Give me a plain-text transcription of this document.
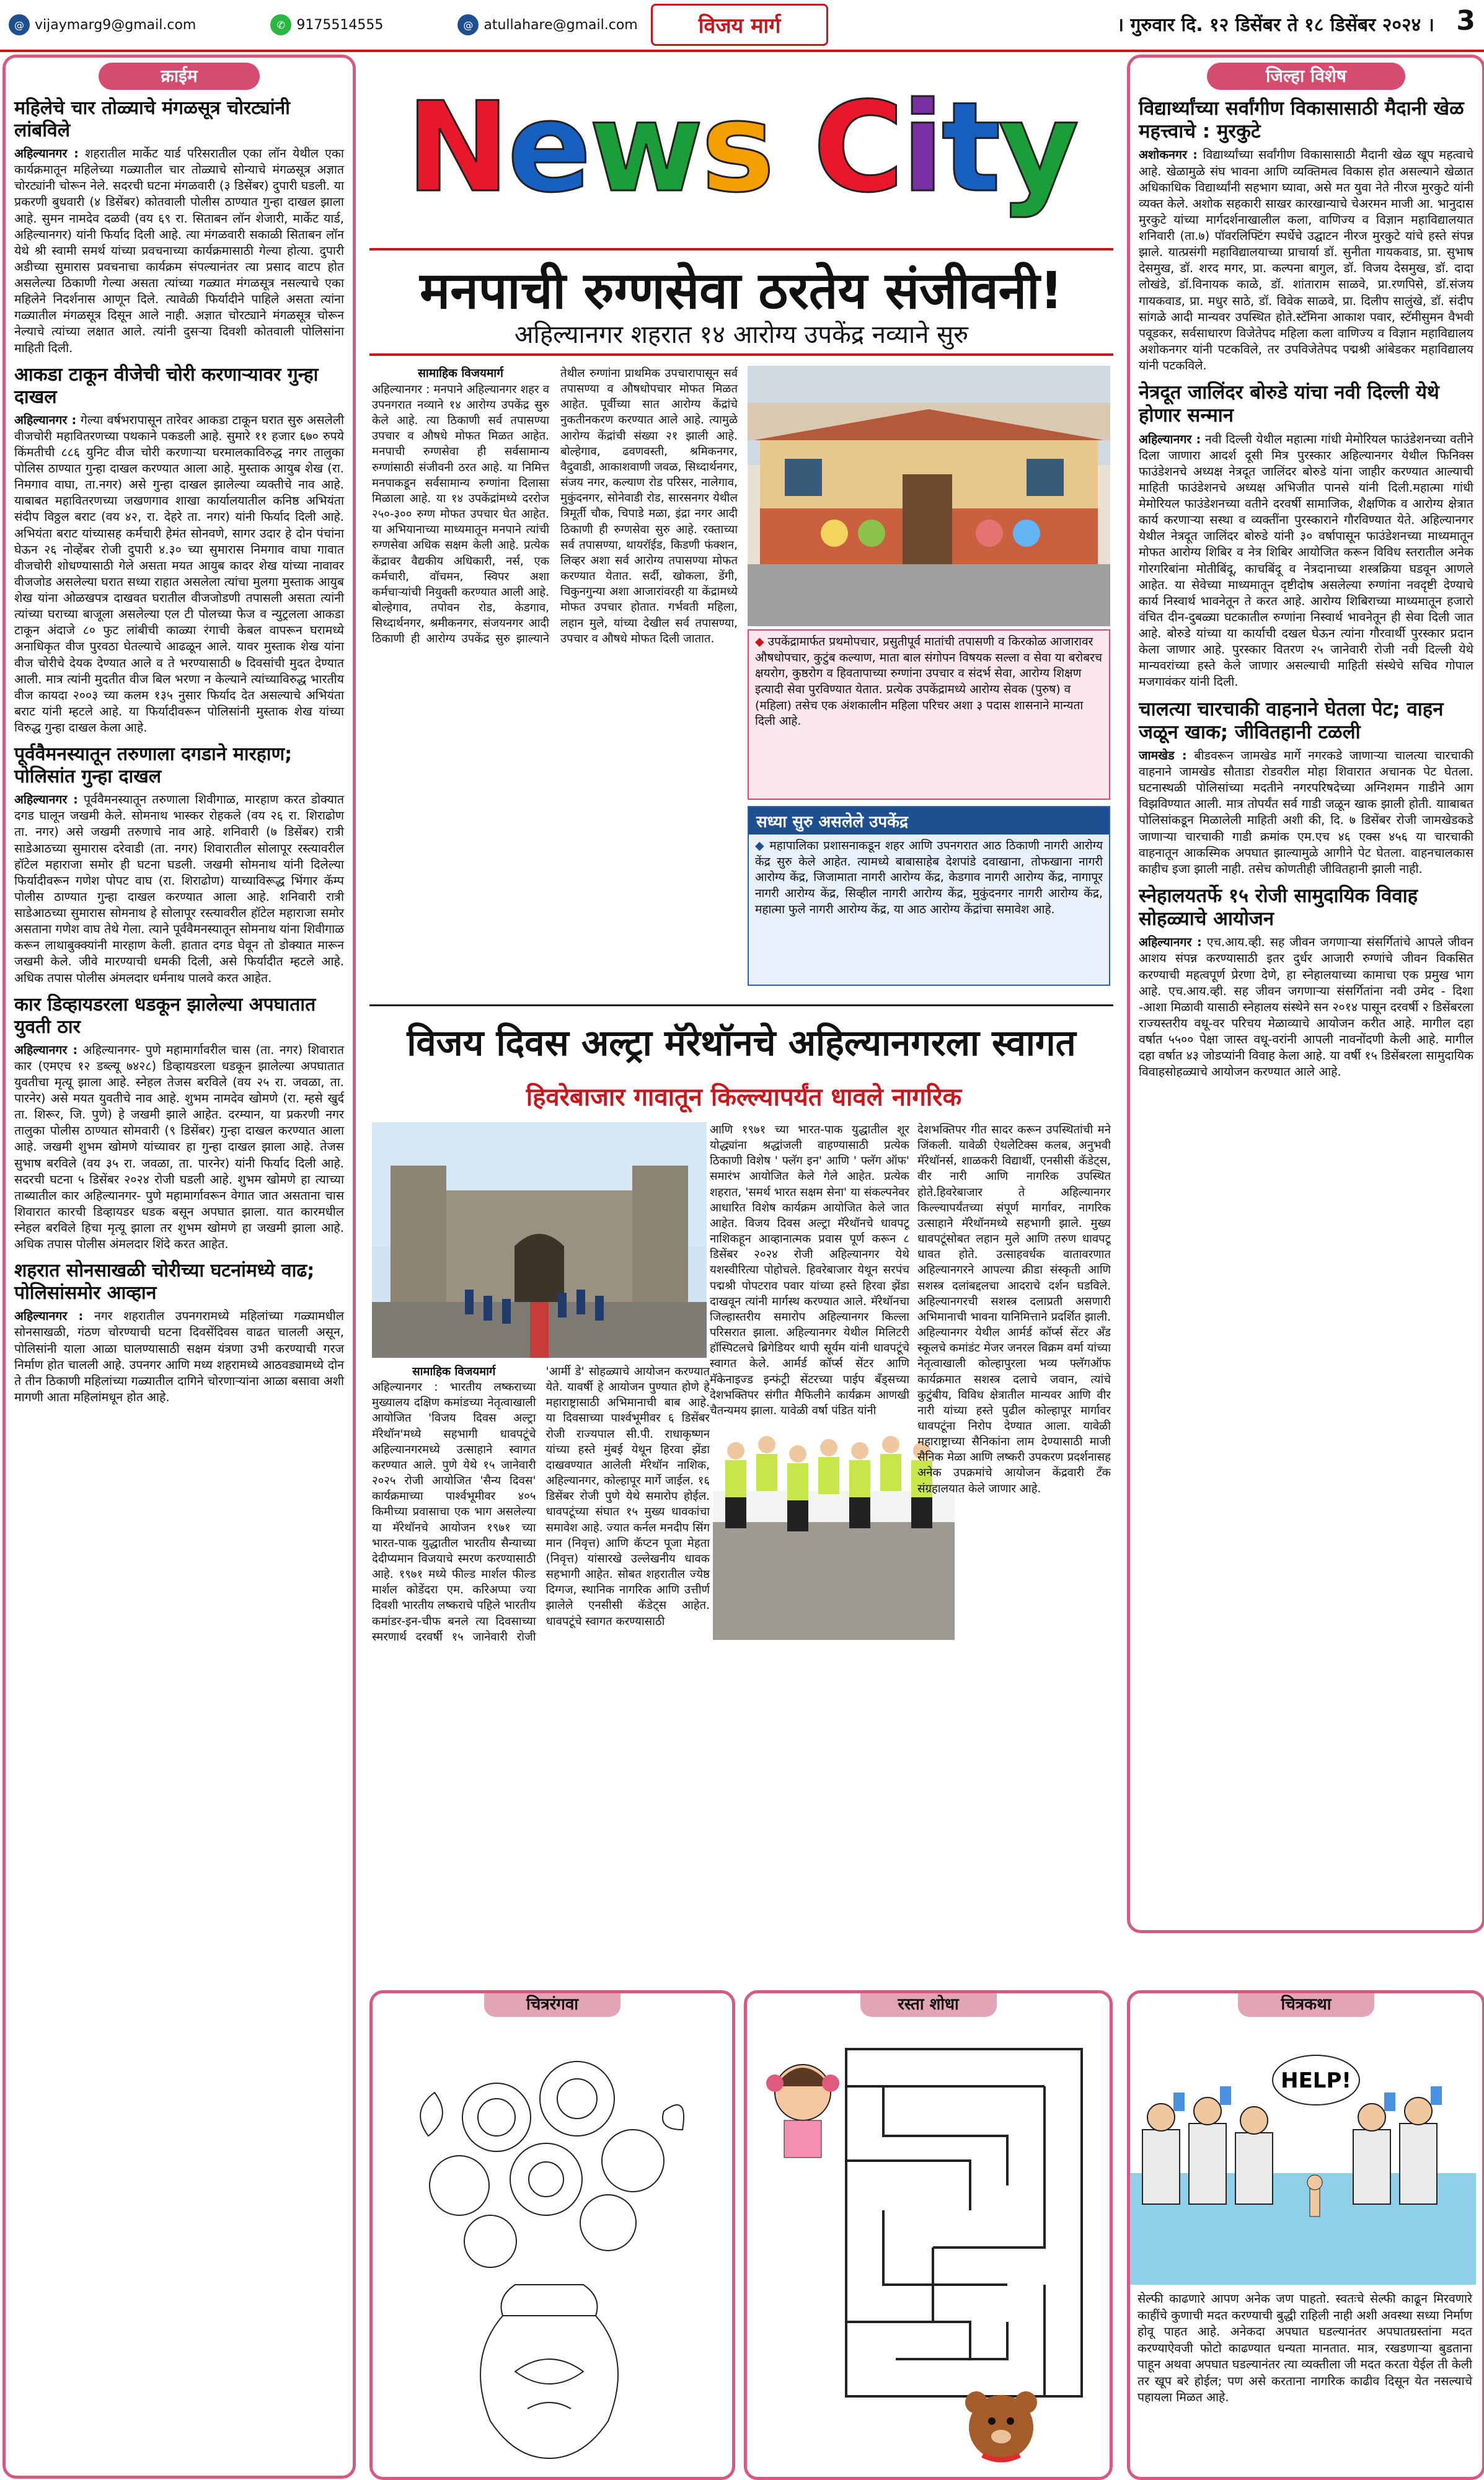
@ vijaymarg9@gmail.com	✆ 9175514555	@ atullahare@gmail.com	विजय मार्ग	। गुरुवार दि. १२ डिसेंबर ते १८ डिसेंबर २०२४ । 3
क्राईम
महिलेचे चार तोळ्याचे मंगळसूत्र चोरट्यांनी लांबविले
अहिल्यानगर : शहरातील मार्केट यार्ड परिसरातील एका लॉन येथील एका कार्यक्रमातून महिलेच्या गळ्यातील चार तोळ्याचे सोन्याचे मंगळसूत्र अज्ञात चोरट्यांनी चोरून नेले. सदरची घटना मंगळवारी (३ डिसेंबर) दुपारी घडली. या प्रकरणी बुधवारी (४ डिसेंबर) कोतवाली पोलीस ठाण्यात गुन्हा दाखल झाला आहे. सुमन नामदेव दळवी (वय ६९ रा. सिताबन लॉन शेजारी, मार्केट यार्ड, अहिल्यानगर) यांनी फिर्याद दिली आहे. त्या मंगळवारी सकाळी सिताबन लॉन येथे श्री स्वामी समर्थ यांच्या प्रवचनाच्या कार्यक्रमासाठी गेल्या होत्या. दुपारी अडीच्या सुमारास प्रवचनाचा कार्यक्रम संपल्यानंतर त्या प्रसाद वाटप होत असलेल्या ठिकाणी गेल्या असता त्यांच्या गळ्यात मंगळसूत्र नसल्याचे एका महिलेने निदर्शनास आणून दिले. त्यावेळी फिर्यादीने पाहिले असता त्यांना गळ्यातील मंगळसूत्र दिसून आले नाही. अज्ञात चोरट्याने मंगळसूत्र चोरून नेल्याचे त्यांच्या लक्षात आले. त्यांनी दुसऱ्या दिवशी कोतवाली पोलिसांना माहिती दिली.
आकडा टाकून वीजेची चोरी करणाऱ्यावर गुन्हा दाखल
अहिल्यानगर : गेल्या वर्षभरापासून तारेवर आकडा टाकून घरात सुरु असलेली वीजचोरी महावितरणच्या पथकाने पकडली आहे. सुमारे ११ हजार ६७० रुपये किंमतीची ८८६ युनिट वीज चोरी करणाऱ्या घरमालकाविरुद्ध नगर तालुका पोलिस ठाण्यात गुन्हा दाखल करण्यात आला आहे. मुस्ताक आयुब शेख (रा. निमगाव वाघा, ता.नगर) असे गुन्हा दाखल झालेल्या व्यक्तीचे नाव आहे. याबाबत महावितरणच्या जखणगाव शाखा कार्यालयातील कनिष्ठ अभियंता संदीप विठ्ठल बराट (वय ४२, रा. देहरे ता. नगर) यांनी फिर्याद दिली आहे. अभियंता बराट यांच्यासह कर्मचारी हेमंत सोनवणे, सागर उदार हे दोन पंचांना घेऊन २६ नोव्हेंबर रोजी दुपारी ४.३० च्या सुमारास निमगाव वाघा गावात वीजचोरी शोधण्यासाठी गेले असता मयत आयुब कादर शेख यांच्या नावावर वीजजोड असलेल्या घरात सध्या राहात असलेला त्यांचा मुलगा मुस्ताक आयुब शेख यांना ओळखपत्र दाखवत घरातील वीजजोडणी तपासली असता त्यांनी त्यांच्या घराच्या बाजूला असलेल्या एल टी पोलच्या फेज व न्युट्रलला आकडा टाकून अंदाजे ८० फुट लांबीची काळ्या रंगाची केबल वापरून घरामध्ये अनाधिकृत वीज पुरवठा घेतल्याचे आढळून आले. यावर मुस्ताक शेख यांना वीज चोरीचे देयक देण्यात आले व ते भरण्यासाठी ७ दिवसांची मुदत देण्यात आली. मात्र त्यांनी मुदतीत वीज बिल भरणा न केल्याने त्यांच्याविरुद्ध भारतीय वीज कायदा २००३ च्या कलम १३५ नुसार फिर्याद देत असल्याचे अभियंता बराट यांनी म्हटले आहे. या फिर्यादीवरून पोलिसांनी मुस्ताक शेख यांच्या विरुद्ध गुन्हा दाखल केला आहे.
पूर्ववैमनस्यातून तरुणाला दगडाने मारहाण; पोलिसांत गुन्हा दाखल
अहिल्यानगर : पूर्ववैमनस्यातून तरुणाला शिवीगाळ, मारहाण करत डोक्यात दगड घालून जखमी केले. सोमनाथ भास्कर रोहकले (वय २६ रा. शिराढोण ता. नगर) असे जखमी तरुणाचे नाव आहे. शनिवारी (७ डिसेंबर) रात्री साडेआठच्या सुमारास दरेवाडी (ता. नगर) शिवारातील सोलापूर रस्त्यावरील हॉटेल महाराजा समोर ही घटना घडली. जखमी सोमनाथ यांनी दिलेल्या फिर्यादीवरून गणेश पोपट वाघ (रा. शिराढोण) याच्याविरूद्ध भिंगार कॅम्प पोलीस ठाण्यात गुन्हा दाखल करण्यात आला आहे. शनिवारी रात्री साडेआठच्या सुमारास सोमनाथ हे सोलापूर रस्त्यावरील हॉटेल महाराजा समोर असताना गणेश वाघ तेथे गेला. त्याने पूर्ववैमनस्यातून सोमनाथ यांना शिवीगाळ करून लाथाबुक्क्यांनी मारहाण केली. हातात दगड घेवून तो डोक्यात मारून जखमी केले. जीवे मारण्याची धमकी दिली, असे फिर्यादीत म्हटले आहे. अधिक तपास पोलीस अंमलदार धर्मनाथ पालवे करत आहेत.
कार डिव्हायडरला धडकून झालेल्या अपघातात युवती ठार
अहिल्यानगर : अहिल्यानगर- पुणे महामार्गावरील चास (ता. नगर) शिवारात कार (एमएच १२ डब्ल्यू ७४२८) डिव्हायडरला धडकून झालेल्या अपघातात युवतीचा मृत्यू झाला आहे. स्नेहल तेजस बरविले (वय २५ रा. जवळा, ता. पारनेर) असे मयत युवतीचे नाव आहे. शुभम नामदेव खोमणे (रा. म्हसे खुर्द ता. शिरूर, जि. पुणे) हे जखमी झाले आहेत. दरम्यान, या प्रकरणी नगर तालुका पोलीस ठाण्यात सोमवारी (९ डिसेंबर) गुन्हा दाखल करण्यात आला आहे. जखमी शुभम खोमणे यांच्यावर हा गुन्हा दाखल झाला आहे. तेजस सुभाष बरविले (वय ३५ रा. जवळा, ता. पारनेर) यांनी फिर्याद दिली आहे. सदरची घटना ५ डिसेंबर २०२४ रोजी घडली आहे. शुभम खोमणे हा त्याच्या ताब्यातील कार अहिल्यानगर- पुणे महामार्गावरून वेगात जात असताना चास शिवारात कारची डिव्हायडर धडक बसून अपघात झाला. यात कारमधील स्नेहल बरविले हिचा मृत्यू झाला तर शुभम खोमणे हा जखमी झाला आहे. अधिक तपास पोलीस अंमलदार शिंदे करत आहेत.
शहरात सोनसाखळी चोरीच्या घटनांमध्ये वाढ; पोलिसांसमोर आव्हान
अहिल्यानगर : नगर शहरातील उपनगरामध्ये महिलांच्या गळ्यामधील सोनसाखळी, गंठण चोरण्याची घटना दिवसेंदिवस वाढत चालली असून, पोलिसांनी याला आळा घालण्यासाठी सक्षम यंत्रणा उभी करण्याची गरज निर्माण होत चालली आहे. उपनगर आणि मध्य शहरामध्ये आठवड्यामध्ये दोन ते तीन ठिकाणी महिलांच्या गळ्यातील दागिने चोरणाऱ्यांना आळा बसावा अशी मागणी आता महिलांमधून होत आहे.
News City
मनपाची रुग्णसेवा ठरतेय संजीवनी!
अहिल्यानगर शहरात १४ आरोग्य उपकेंद्र नव्याने सुरु
सामाहिक विजयमार्ग
अहिल्यानगर : मनपाने अहिल्यानगर शहर व उपनगरात नव्याने १४ आरोग्य उपकेंद्र सुरु केले आहे. त्या ठिकाणी सर्व तपासण्या उपचार व औषधे मोफत मिळत आहेत. मनपाची रुग्णसेवा ही सर्वसामान्य रुग्णांसाठी संजीवनी ठरत आहे. या निमित्त मनपाकडून सर्वसामान्य रुग्णांना दिलासा मिळाला आहे. या १४ उपकेंद्रांमध्ये दररोज २५०-३०० रुग्ण मोफत उपचार घेत आहेत. या अभियानाच्या माध्यमातून मनपाने त्यांची रुग्णसेवा अधिक सक्षम केली आहे. प्रत्येक केंद्रावर वैद्यकीय अधिकारी, नर्स, एक कर्मचारी, वॉचमन, स्विपर अशा कर्मचाऱ्यांची नियुक्ती करण्यात आली आहे. बोल्हेगाव, तपोवन रोड, केडगाव, सिध्दार्थनगर, श्रमीकनगर, संजयनगर आदी ठिकाणी ही आरोग्य उपकेंद्र सुरु झाल्याने तेथील रुग्णांना प्राथमिक उपचारापासून सर्व तपासण्या व औषधोपचार मोफत मिळत आहेत. पूर्वीच्या सात आरोग्य केंद्रांचे नुकतीनकरण करण्यात आले आहे. त्यामुळे आरोग्य केंद्रांची संख्या २१ झाली आहे. बोल्हेगाव, ढवणवस्ती, श्रमिकनगर, वैदुवाडी, आकाशवाणी जवळ, सिध्दार्थनगर, संजय नगर, कल्याण रोड परिसर, नालेगाव, मुकुंदनगर, सोनेवाडी रोड, सारसनगर येथील त्रिमूर्ती चौक, चिपाडे मळा, इंद्रा नगर आदी ठिकाणी ही रुग्णसेवा सुरु आहे. रक्ताच्या सर्व तपासण्या, थायरॉईड, किडणी फंक्शन, लिव्हर अशा सर्व आरोग्य तपासण्या मोफत करण्यात येतात. सर्दी, खोकला, डेंगी, चिकुनगुन्या अशा आजारांवरही या केंद्रामध्ये मोफत उपचार होतात. गर्भवती महिला, लहान मुले, यांच्या देखील सर्व तपासण्या, उपचार व औषधे मोफत दिली जातात.	◆ उपकेंद्रामार्फत प्रथमोपचार, प्रसुतीपूर्व मातांची तपासणी व किरकोळ आजारावर औषधोपचार, कुटुंब कल्याण, माता बाल संगोपन विषयक सल्ला व सेवा या बरोबरच क्षयरोग, कुष्ठरोग व हिवतापाच्या रुग्णांना उपचार व संदर्भ सेवा, आरोग्य शिक्षण इत्यादी सेवा पुरविण्यात येतात. प्रत्येक उपकेंद्रामध्ये आरोग्य सेवक (पुरुष) व (महिला) तसेच एक अंशकालीन महिला परिचर अशा ३ पदास शासनाने मान्यता दिली आहे.
सध्या सुरु असलेले उपकेंद्र
◆ महापालिका प्रशासनाकडून शहर आणि उपनगरात आठ ठिकाणी नागरी आरोग्य केंद्र सुरु केले आहेत. त्यामध्ये बाबासाहेब देशपांडे दवाखाना, तोफखाना नागरी आरोग्य केंद्र, जिजामाता नागरी आरोग्य केंद्र, केडगाव नागरी आरोग्य केंद्र, नागापूर नागरी आरोग्य केंद्र, सिव्हील नागरी आरोग्य केंद्र, मुकुंदनगर नागरी आरोग्य केंद्र, महात्मा फुले नागरी आरोग्य केंद्र, या आठ आरोग्य केंद्रांचा समावेश आहे.
विजय दिवस अल्ट्रा मॅरेथॉनचे अहिल्यानगरला स्वागत
हिवरेबाजार गावातून किल्ल्यापर्यंत धावले नागरिक
सामाहिक विजयमार्ग
अहिल्यानगर : भारतीय लष्कराच्या मुख्यालय दक्षिण कमांडच्या नेतृत्वाखाली आयोजित 'विजय दिवस अल्ट्रा मॅरेथॉन'मध्ये सहभागी धावपटूंचे अहिल्यानगरमध्ये उत्साहाने स्वागत करण्यात आले. पुणे येथे १५ जानेवारी २०२५ रोजी आयोजित 'सैन्य दिवस' कार्यक्रमाच्या पार्श्वभूमीवर ४०५ किमीच्या प्रवासाचा एक भाग असलेल्या या मॅरेथॉनचे आयोजन १९७१ च्या भारत-पाक युद्धातील भारतीय सैन्याच्या देदीप्यमान विजयाचे स्मरण करण्यासाठी आहे. १९७१ मध्ये फील्ड मार्शल फील्ड मार्शल कोडेंदरा एम. करिअप्पा ज्या दिवशी भारतीय लष्कराचे पहिले भारतीय कमांडर-इन-चीफ बनले त्या दिवसाच्या स्मरणार्थ दरवर्षी १५ जानेवारी रोजी 'आर्मी डे' सोहळ्याचे आयोजन करण्यात येते. यावर्षी हे आयोजन पुण्यात होणे हे महाराष्ट्रासाठी अभिमानाची बाब आहे. या दिवसाच्या पार्श्वभूमीवर ६ डिसेंबर रोजी राज्यपाल सी.पी. राधाकृष्णन यांच्या हस्ते मुंबई येथून हिरवा झेंडा दाखवण्यात आलेली मॅरेथॉन नाशिक, अहिल्यानगर, कोल्हापूर मार्गे जाईल. १६ डिसेंबर रोजी पुणे येथे समारोप होईल. धावपटूंच्या संघात १५ मुख्य धावकांचा समावेश आहे. ज्यात कर्नल मनदीप सिंग मान (निवृत्त) आणि कॅप्टन पूजा मेहता (निवृत्त) यांसारखे उल्लेखनीय धावक सहभागी आहेत. सोबत शहरातील ज्येष्ठ दिग्गज, स्थानिक नागरिक आणि उत्तीर्ण झालेले एनसीसी कॅडेट्स आहेत. धावपटूंचे स्वागत करण्यासाठी
आणि १९७१ च्या भारत-पाक युद्धातील शूर योद्ध्यांना श्रद्धांजली वाहण्यासाठी प्रत्येक ठिकाणी विशेष ' फ्लॅग इन' आणि ' फ्लॅग ऑफ' समारंभ आयोजित केले गेले आहेत. प्रत्येक शहरात, 'समर्थ भारत सक्षम सेना' या संकल्पनेवर आधारित विशेष कार्यक्रम आयोजित केले जात आहेत. विजय दिवस अल्ट्रा मॅरेथॉनचे धावपटू नाशिकहून आव्हानात्मक प्रवास पूर्ण करून ८ डिसेंबर २०२४ रोजी अहिल्यानगर येथे यशस्वीरित्या पोहोचले. हिवरेबाजार येथून सरपंच पद्मश्री पोपटराव पवार यांच्या हस्ते हिरवा झेंडा दाखवून त्यांनी मार्गस्थ करण्यात आले. मॅरेथॉनचा जिल्हास्तरीय समारोप अहिल्यानगर किल्ला परिसरात झाला. अहिल्यानगर येथील मिलिटरी हॉस्पिटलचे ब्रिगेडियर थापी सूर्यम यांनी धावपटूंचे स्वागत केले. आर्मर्ड कॉर्प्स सेंटर आणि मॅकेनाइज्ड इन्फंट्री सेंटरच्या पाईप बँड्सच्या देशभक्तिपर संगीत मैफिलीने कार्यक्रम आणखी चैतन्यमय झाला. यावेळी वर्षा पंडित यांनी
देशभक्तिपर गीत सादर करून उपस्थितांची मने जिंकली. यावेळी ऐथलेटिक्स कलब, अनुभवी मॅरेथॉनर्स, शाळकरी विद्यार्थी, एनसीसी कॅडेट्स, वीर नारी आणि नागरिक उपस्थित होते.हिवरेबाजार ते अहिल्यानगर किल्ल्यापर्यंतच्या संपूर्ण मार्गावर, नागरिक उत्साहाने मॅरेथॉनमध्ये सहभागी झाले. मुख्य धावपटूंसोबत लहान मुले आणि तरुण धावपटू धावत होते. उत्साहवर्धक वातावरणात अहिल्यानगरने आपल्या क्रीडा संस्कृती आणि सशस्त्र दलांबद्दलचा आदराचे दर्शन घडविले. अहिल्यानगरची सशस्त्र दलाप्रती असणारी अभिमानाची भावना यानिमित्ताने प्रदर्शित झाली. अहिल्यानगर येथील आर्मर्ड कॉर्प्स सेंटर ॲंड स्कूलचे कमांडंट मेजर जनरल विक्रम वर्मा यांच्या नेतृत्वाखाली कोल्हापुरला भव्य फ्लॅगऑफ कार्यक्रमात सशस्त्र दलाचे जवान, त्यांचे कुटुंबीय, विविध क्षेत्रातील मान्यवर आणि वीर नारी यांच्या हस्ते पुढील कोल्हापूर मार्गावर धावपटूंना निरोप देण्यात आला. यावेळी महाराष्ट्राच्या सैनिकांना लाम देण्यासाठी माजी सैनिक मेळा आणि लष्करी उपकरण प्रदर्शनासह अनेक उपक्रमांचे आयोजन केंद्रवारी टँक संग्रहालयात केले जाणार आहे.
जिल्हा विशेष
विद्यार्थ्यांच्या सर्वांगीण विकासासाठी मैदानी खेळ महत्त्वाचे : मुरकुटे
अशोकनगर : विद्यार्थ्यांच्या सर्वांगीण विकासासाठी मैदानी खेळ खूप महत्वाचे आहे. खेळामुळे संघ भावना आणि व्यक्तिमत्व विकास होत असल्याने खेळात अधिकाधिक विद्यार्थ्यांनी सहभाग घ्यावा, असे मत युवा नेते नीरज मुरकुटे यांनी व्यक्त केले. अशोक सहकारी साखर कारखान्याचे चेअरमन माजी आ. भानुदास मुरकुटे यांच्या मार्गदर्शनाखालील कला, वाणिज्य व विज्ञान महाविद्यालयात शनिवारी (ता.७) पॉवरलिफ्टिंग स्पर्धेचे उद्घाटन नीरज मुरकुटे यांचे हस्ते संपन्न झाले. यात्प्रसंगी महाविद्यालयाच्या प्राचार्या डॉ. सुनीता गायकवाड, प्रा. सुभाष देसमुख, डॉ. शरद मगर, प्रा. कल्पना बागुल, डॉ. विजय देसमुख, डॉ. दादा लोखंडे, डॉ.विनायक काळे, डॉ. शांताराम साळवे, प्रा.रणपिसे, डॉ.संजय गायकवाड, प्रा. मधुर साठे, डॉ. विवेक साळवे, प्रा. दिलीप सालुंखे, डॉ. संदीप सांगळे आदी मान्यवर उपस्थित होते.स्टॅमिना आकाश पवार, स्टॅमीसुमन वैभवी पवूडकर, सर्वसाधारण विजेतेपद महिला कला वाणिज्य व विज्ञान महाविद्यालय अशोकनगर यांनी पटकविले, तर उपविजेतेपद पद्मश्री आंबेडकर महाविद्यालय यांनी पटकविले.
नेत्रदूत जालिंदर बोरुडे यांचा नवी दिल्ली येथे होणार सन्मान
अहिल्यानगर : नवी दिल्ली येथील महात्मा गांधी मेमोरियल फाउंडेशनच्या वतीने दिला जाणारा आदर्श दूसी मित्र पुरस्कार अहिल्यानगर येथील फिनिक्स फाउंडेशनचे अध्यक्ष नेत्रदूत जालिंदर बोरुडे यांना जाहीर करण्यात आल्याची माहिती फाउंडेशनचे अध्यक्ष अभिजीत पानसे यांनी दिली.महात्मा गांधी मेमोरियल फाउंडेशनच्या वतीने दरवर्षी सामाजिक, शैक्षणिक व आरोग्य क्षेत्रात कार्य करणाऱ्या सस्था व व्यक्तींना पुरस्काराने गौरविण्यात येते. अहिल्यानगर येथील नेत्रदूत जालिंदर बोरुडे यांनी ३० वर्षापासून फाउंडेशनच्या माध्यमातून मोफत आरोग्य शिबिर व नेत्र शिबिर आयोजित करून विविध स्तरातील अनेक गोरगरिबांना मोतीबिंदू, काचबिंदू व नेत्रदानाच्या शस्त्रक्रिया घडवून आणले आहेत. या सेवेच्या माध्यमातून दृष्टीदोष असलेल्या रुग्णांना नवदृष्टी देण्याचे कार्य निस्वार्थ भावनेतून ते करत आहे. आरोग्य शिबिराच्या माध्यमातून हजारो वंचित दीन-दुबळ्या घटकातील रुग्णांना निस्वार्थ भावनेतून ही सेवा दिली जात आहे. बोरुडे यांच्या या कार्याची दखल घेऊन त्यांना गौरवार्थी पुरस्कार प्रदान केला जाणार आहे. पुरस्कार वितरण २५ जानेवारी रोजी नवी दिल्ली येथे मान्यवरांच्या हस्ते केले जाणार असल्याची माहिती संस्थेचे सचिव गोपाल मजगावंकर यांनी दिली.
चालत्या चारचाकी वाहनाने घेतला पेट; वाहन जळून खाक; जीवितहानी टळली
जामखेड : बीडवरून जामखेड मार्गे नगरकडे जाणाऱ्या चालत्या चारचाकी वाहनाने जामखेड सौताडा रोडवरील मोहा शिवारात अचानक पेट घेतला. घटनास्थळी पोलिसांच्या मदतीने नगरपरिषदेच्या अग्निशमन गाडीने आग विझविण्यात आली. मात्र तोपर्यंत सर्व गाडी जळून खाक झाली होती. यााबाबत पोलिसांकडून मिळालेली माहिती अशी की, दि. ७ डिसेंबर रोजी जामखेडकडे जाणाऱ्या चारचाकी गाडी क्रमांक एम.एच ४६ एक्स ४५६ या चारचाकी वाहनातून आकस्मिक अपघात झाल्यामुळे आगीने पेट घेतला. वाहनचालकास काहीच इजा झाली नाही. तसेच कोणतीही जीवितहानी झाली नाही.
स्नेहालयतर्फे १५ रोजी सामुदायिक विवाह सोहळ्याचे आयोजन
अहिल्यानगर : एच.आय.व्ही. सह जीवन जगणाऱ्या संसर्गितांचे आपले जीवन आशय संपन्न करण्यासाठी इतर दुर्धर आजारी रुग्णांचे जीवन विकसित करण्याची महत्वपूर्ण प्रेरणा देणे, हा स्नेहालयाच्या कामाचा एक प्रमुख भाग आहे. एच.आय.व्ही. सह जीवन जगणाऱ्या संसर्गितांना नवी उमेद - दिशा -आशा मिळावी यासाठी स्नेहालय संस्थेने सन २०१४ पासून दरवर्षी २ डिसेंबरला राज्यस्तरीय वधू-वर परिचय मेळाव्याचे आयोजन करीत आहे. मागील दहा वर्षात ५५०० पेक्षा जास्त वधू-वरांनी आपली नावनोंदणी केली आहे. मागील दहा वर्षात ४३ जोडप्यांनी विवाह केला आहे. या वर्षी १५ डिसेंबरला सामुदायिक विवाहसोहळ्याचे आयोजन करण्यात आले आहे.
चित्ररंगवा	रस्ता शोधा	चित्रकथा
HELP!
सेल्फी काढणारे आपण अनेक जण पाहतो. स्वतःचे सेल्फी काढून मिरवणारे काहींचे कुणाची मदत करण्याची बुद्धी राहिली नाही अशी अवस्था सध्या निर्माण होवू पाहत आहे. अनेकदा अपघात घडल्यानंतर अपघातग्रस्तांना मदत करण्याऐवजी फोटो काढण्यात धन्यता मानतात. मात्र, रखडणाऱ्या बुडताना पाहून अथवा अपघात घडल्यानंतर त्या व्यक्तीला जी मदत करता येईल ती केली तर खूप बरे होईल; पण असे करताना नागरिक काढीव दिसून येत नसल्याचे पहायला मिळत आहे.
